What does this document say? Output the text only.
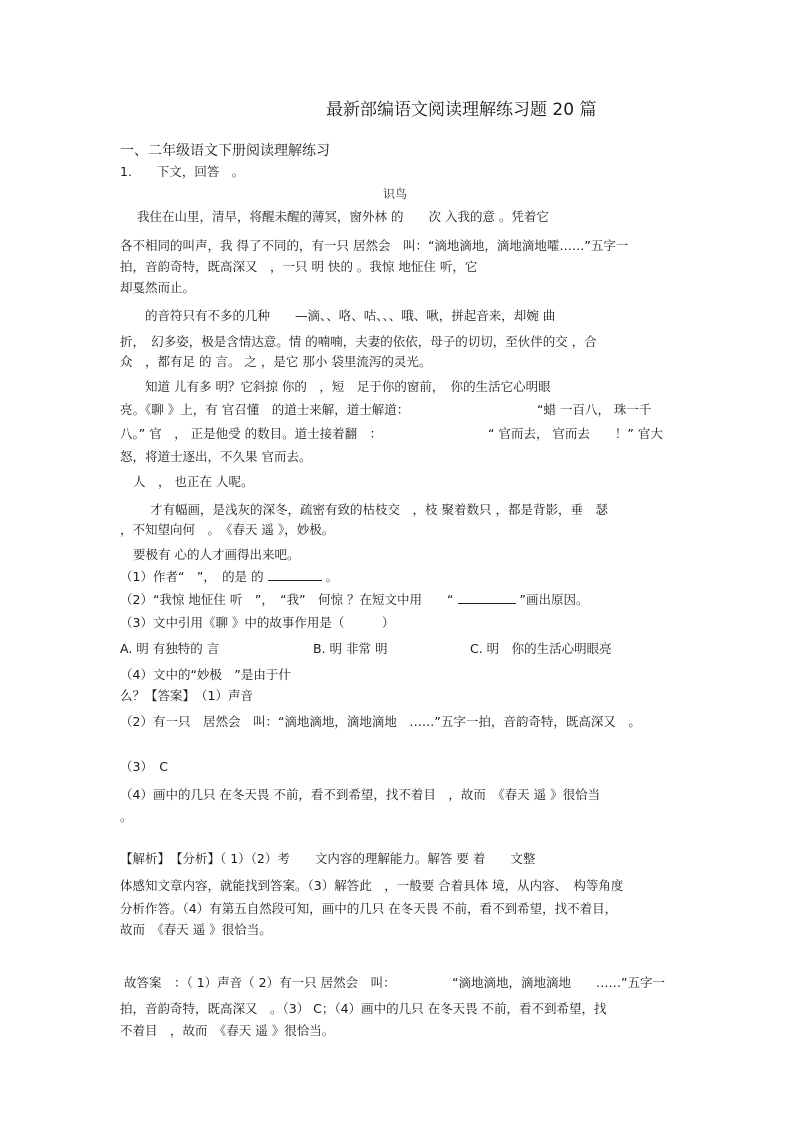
最新部编语文阅读理解练习题 20 篇
一、二年级语文下册阅读理解练习
1.　　下文，回答　。
识鸟
我住在山里，清早，将醒未醒的薄冥，窗外林 的　　次 入我的意 。凭着它
各不相同的叫声，我 得了不同的，有一只 居然会　叫：“滴地滴地，滴地滴地嚯……”五字一
拍，音韵奇特，既高深又　，一只 明 快的 。我惊 地怔住 听，它
却戛然而止。
的音符只有不多的几种　　—滴、、咯、咕、、、哦、啾，拼起音来，却婉 曲
折，　幻多姿，极是含情达意。情 的喃喃，夫妻的依依，母子的切切，至伙伴的交 ，合
众　，都有足 的 言。 之 ，是它 那小 袋里流泻的灵光。
知道 儿有多 明？它斜掠 你的　，短　足于你的窗前，　你的生活它心明眼
亮。《聊 》上，有 官召懂　的道士来解，道士解道：	“蜡 一百八， 珠一千
八。” 官　， 正是他受 的数目。道士接着翻　：	“ 官而去， 官而去　　！” 官大
怒，将道士逐出，不久果 官而去。
人　， 也正在 人呢。
才有幅画，是浅灰的深冬，疏密有致的枯枝交　，枝 聚着数只 ，都是背影，垂　瑟
，不知望向何　。　《春天 遥 》，妙极。
要极有 心的人才画得出来吧。
（1）作者“　”，　的是 的	。
（2）“我惊 地怔住 听　”，　“我”　何惊 ？在短文中用　　“	”画出原因。
（3）文中引用《聊 》中的故事作用是（　　　）
A. 明 有独特的 言	B. 明 非常 明	C. 明　你的生活心明眼亮
（4）文中的“妙极　”是由于什
么？【答案】　（1）声音
（2）有一只　居然会　叫：“滴地滴地，滴地滴地　……”五字一拍，音韵奇特，既高深又　。
（3）　C
（4）画中的几只 在冬天畏 不前，看不到希望，找不着目　，故而　《春天 遥 》很恰当
。
【解析】　【分析】（ 1）（2）考　　文内容的理解能力。解答 要 着　　文整
体感知文章内容，就能找到答案。（3）解答此　，一般要 合着具体 境，从内容、　构等角度
分析作答。（4）有第五自然段可知，画中的几只 在冬天畏 不前，看不到希望，找不着目，
故而　《春天 遥 》很恰当。
故答案　：（ 1）声音（ 2）有一只 居然会　叫：	“滴地滴地，滴地滴地　　……”五字一
拍，音韵奇特，既高深又　。（3） C；（4）画中的几只 在冬天畏 不前，看不到希望，找
不着目　，故而　《春天 遥 》很恰当。
